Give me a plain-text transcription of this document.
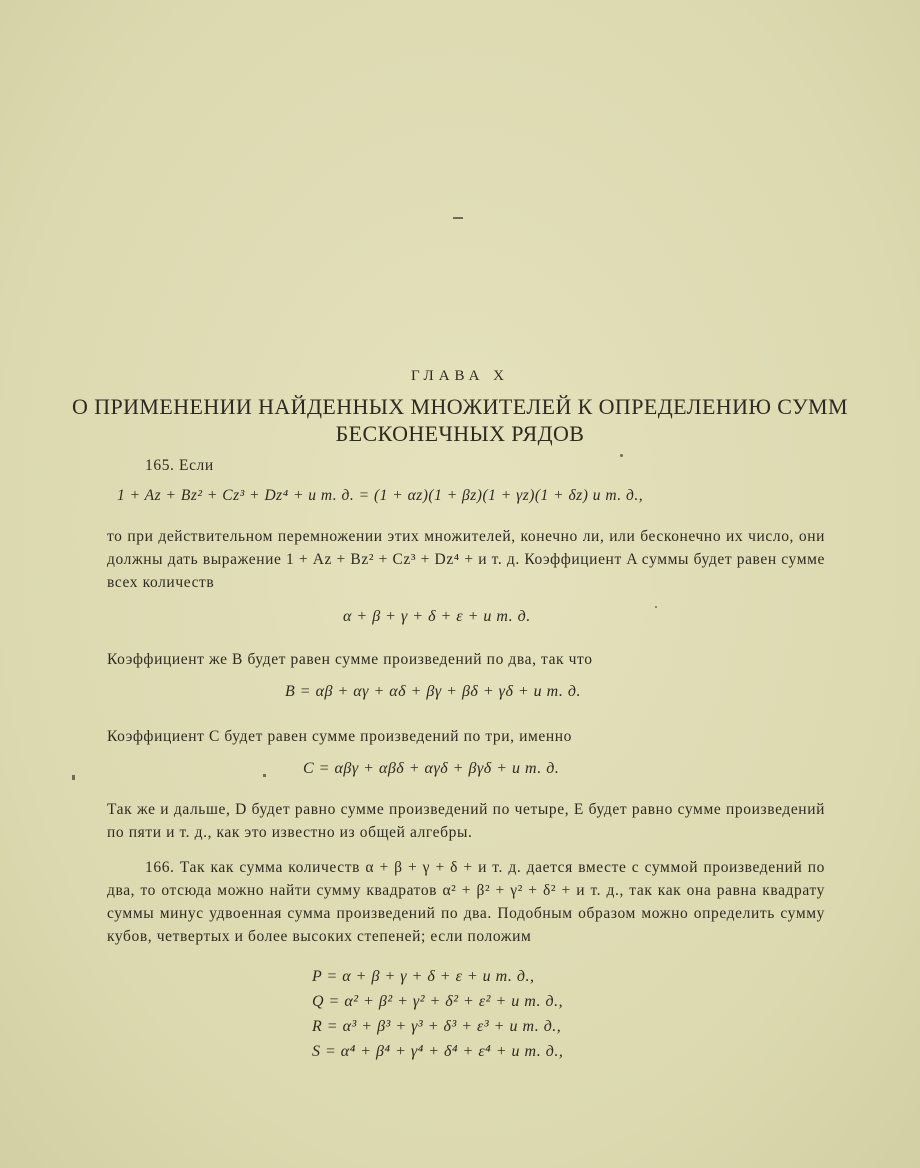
ГЛАВА X
О ПРИМЕНЕНИИ НАЙДЕННЫХ МНОЖИТЕЛЕЙ К ОПРЕДЕЛЕНИЮ СУММ БЕСКОНЕЧНЫХ РЯДОВ
165. Если
1 + Az + Bz² + Cz³ + Dz⁴ + и т. д. = (1 + αz)(1 + βz)(1 + γz)(1 + δz) и т. д.,
то при действительном перемножении этих множителей, конечно ли, или бесконечно их число, они должны дать выражение 1 + Az + Bz² + Cz³ + Dz⁴ + и т. д. Коэффициент A суммы будет равен сумме всех количеств
α + β + γ + δ + ε + и т. д.
Коэффициент же B будет равен сумме произведений по два, так что
B = αβ + αγ + αδ + βγ + βδ + γδ + и т. д.
Коэффициент C будет равен сумме произведений по три, именно
C = αβγ + αβδ + αγδ + βγδ + и т. д.
Так же и дальше, D будет равно сумме произведений по четыре, E будет равно сумме произведений по пяти и т. д., как это известно из общей алгебры.
166. Так как сумма количеств α + β + γ + δ + и т. д. дается вместе с суммой произведений по два, то отсюда можно найти сумму квадратов α² + β² + γ² + δ² + и т. д., так как она равна квадрату суммы минус удвоенная сумма произведений по два. Подобным образом можно определить сумму кубов, четвертых и более высоких степеней; если положим
P = α + β + γ + δ + ε + и т. д.,
Q = α² + β² + γ² + δ² + ε² + и т. д.,
R = α³ + β³ + γ³ + δ³ + ε³ + и т. д.,
S = α⁴ + β⁴ + γ⁴ + δ⁴ + ε⁴ + и т. д.,
